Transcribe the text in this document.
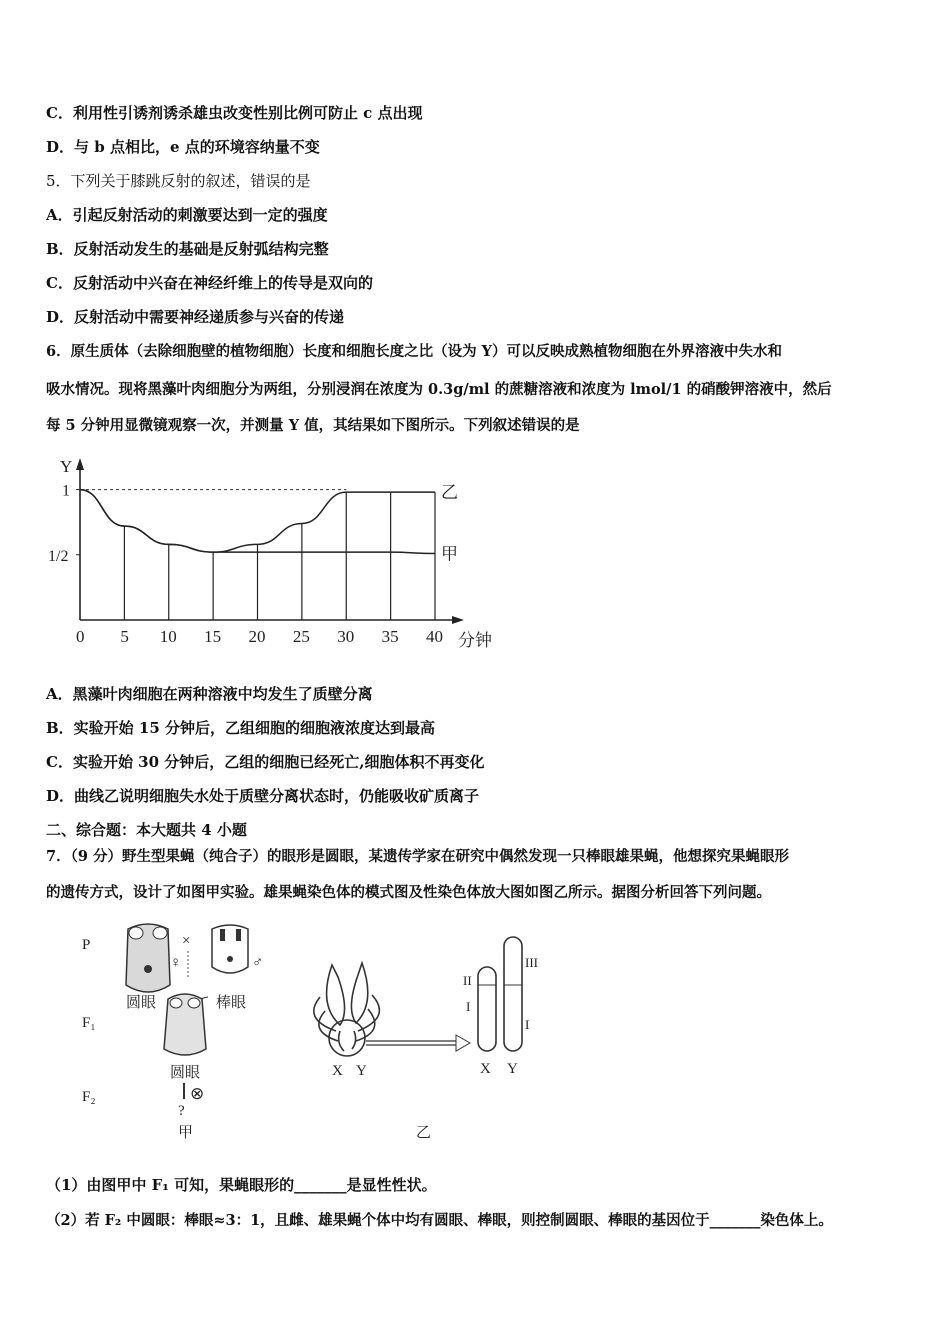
C．利用性引诱剂诱杀雄虫改变性别比例可防止 c 点出现
D．与 b 点相比，e 点的环境容纳量不变
5．下列关于膝跳反射的叙述，错误的是
A．引起反射活动的刺激要达到一定的强度
B．反射活动发生的基础是反射弧结构完整
C．反射活动中兴奋在神经纤维上的传导是双向的
D．反射活动中需要神经递质参与兴奋的传递
6．原生质体（去除细胞壁的植物细胞）长度和细胞长度之比（设为 Y）可以反映成熟植物细胞在外界溶液中失水和
吸水情况。现将黑藻叶肉细胞分为两组，分别浸润在浓度为 0.3g/ml 的蔗糖溶液和浓度为 lmol/1 的硝酸钾溶液中，然后
每 5 分钟用显微镜观察一次，并测量 Y 值，其结果如下图所示。下列叙述错误的是
Y
分钟
1
1/2
0 5 10 15 20 25 30 35 40
乙
甲
A．黑藻叶肉细胞在两种溶液中均发生了质壁分离
B．实验开始 15 分钟后，乙组细胞的细胞液浓度达到最高
C．实验开始 30 分钟后，乙组的细胞已经死亡,细胞体积不再变化
D．曲线乙说明细胞失水处于质壁分离状态时，仍能吸收矿质离子
二、综合题：本大题共 4 小题
7．（9 分）野生型果蝇（纯合子）的眼形是圆眼，某遗传学家在研究中偶然发现一只棒眼雄果蝇，他想探究果蝇眼形
的遗传方式，设计了如图甲实验。雄果蝇染色体的模式图及性染色体放大图如图乙所示。据图分析回答下列问题。
P
F₁
F₂
×
♀	♂
圆眼	棒眼
圆眼
⊗
?
甲
X Y
II
I
III
I
X Y
乙
（1）由图甲中 F₁ 可知，果蝇眼形的_______是显性性状。
（2）若 F₂ 中圆眼：棒眼≈3：1，且雌、雄果蝇个体中均有圆眼、棒眼，则控制圆眼、棒眼的基因位于_______染色体上。
